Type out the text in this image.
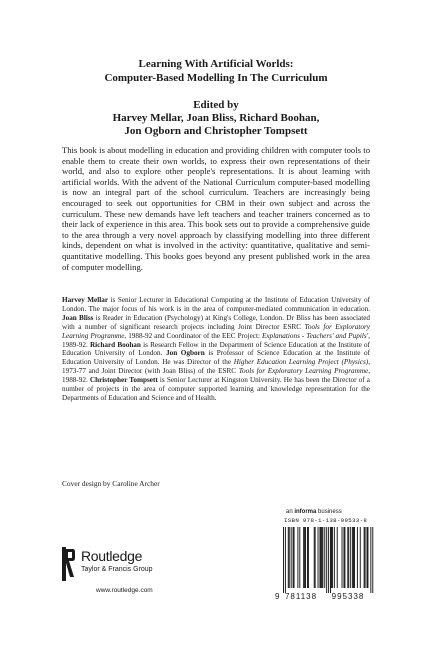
Learning With Artificial Worlds:
Computer-Based Modelling In The Curriculum
Edited by
Harvey Mellar, Joan Bliss, Richard Boohan,
Jon Ogborn and Christopher Tompsett
This book is about modelling in education and providing children with computer tools to enable them to create their own worlds, to express their own representations of their world, and also to explore other people's representations. It is about learning with artificial worlds. With the advent of the National Curriculum computer-based modelling is now an integral part of the school curriculum. Teachers are increasingly being encouraged to seek out opportunities for CBM in their own subject and across the curriculum. These new demands have left teachers and teacher trainers concerned as to their lack of experience in this area. This book sets out to provide a comprehensive guide to the area through a very novel approach by classifying modelling into three different kinds, dependent on what is involved in the activity: quantitative, qualitative and semi-quantitative modelling. This books goes beyond any present published work in the area of computer modelling.
Harvey Mellar is Senior Lecturer in Educational Computing at the Institute of Education University of London. The major focus of his work is in the area of computer-mediated communication in education. Joan Bliss is Reader in Education (Psychology) at King's College, London. Dr Bliss has been associated with a number of significant research projects including Joint Director ESRC Tools for Exploratory Learning Programme, 1988-92 and Coordinator of the EEC Project: Explanations - Teachers' and Pupils', 1989-92. Richard Boohan is Research Fellow in the Department of Science Education at the Institute of Education University of London. Jon Ogborn is Professor of Science Education at the Institute of Education University of London. He was Director of the Higher Education Learning Project (Physics), 1973-77 and Joint Director (with Joan Bliss) of the ESRC Tools for Exploratory Learning Programme, 1988-92. Christopher Tompsett is Senior Lecturer at Kingston University. He has been the Director of a number of projects in the area of computer supported learning and knowledge representation for the Departments of Education and Science and of Health.
Cover design by Caroline Archer
Routledge
Taylor & Francis Group
www.routledge.com
an informa business
ISBN 978-1-138-99533-8
9 781138 995338
